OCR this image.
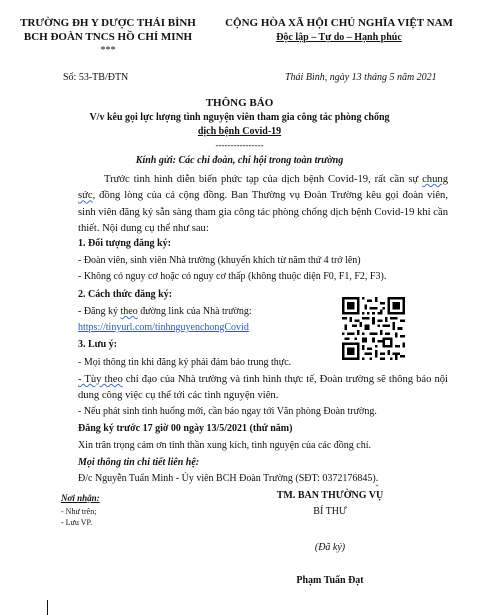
TRƯỜNG ĐH Y DƯỢC THÁI BÌNH
BCH ĐOÀN TNCS HỒ CHÍ MINH
***
Số: 53-TB/ĐTN
CỘNG HÒA XÃ HỘI CHỦ NGHĨA VIỆT NAM
Độc lập – Tự do – Hạnh phúc
Thái Bình, ngày 13 tháng 5 năm 2021
THÔNG BÁO
V/v kêu gọi lực lượng tình nguyện viên tham gia công tác phòng chống
dịch bệnh Covid-19
----------------
Kính gửi: Các chi đoàn, chi hội trong toàn trường
Trước tình hình diễn biến phức tạp của dịch bệnh Covid-19, rất cần sự chung sức, đồng lòng của cả cộng đồng. Ban Thường vụ Đoàn Trường kêu gọi đoàn viên, sinh viên đăng ký sẵn sàng tham gia công tác phòng chống dịch bệnh Covid-19 khi cần thiết. Nội dung cụ thể như sau:
1. Đối tượng đăng ký:
- Đoàn viên, sinh viên Nhà trường (khuyến khích từ năm thứ 4 trở lên)
- Không có nguy cơ hoặc có nguy cơ thấp (không thuộc diện F0, F1, F2, F3).
2. Cách thức đăng ký:
- Đăng ký theo đường link của Nhà trường:
https://tinyurl.com/tinhnguyenchongCovid
3. Lưu ý:
- Mọi thông tin khi đăng ký phải đảm bảo trung thực.
- Tùy theo chỉ đạo của Nhà trường và tình hình thực tế, Đoàn trường sẽ thông báo nội dung công việc cụ thể tới các tình nguyện viên.
- Nếu phát sinh tình huống mới, cần báo ngay tới Văn phòng Đoàn trường.
Đăng ký trước 17 giờ 00 ngày 13/5/2021 (thứ năm)
Xin trân trọng cảm ơn tinh thần xung kích, tình nguyện của các đồng chí.
Mọi thông tin chi tiết liên hệ:
Đ/c Nguyễn Tuấn Minh - Ủy viên BCH Đoàn Trường (SĐT: 0372176845).
Nơi nhận:
- Như trên;
- Lưu VP.
TM. BAN THƯỜNG VỤ
BÍ THƯ
(Đã ký)
Phạm Tuấn Đạt
